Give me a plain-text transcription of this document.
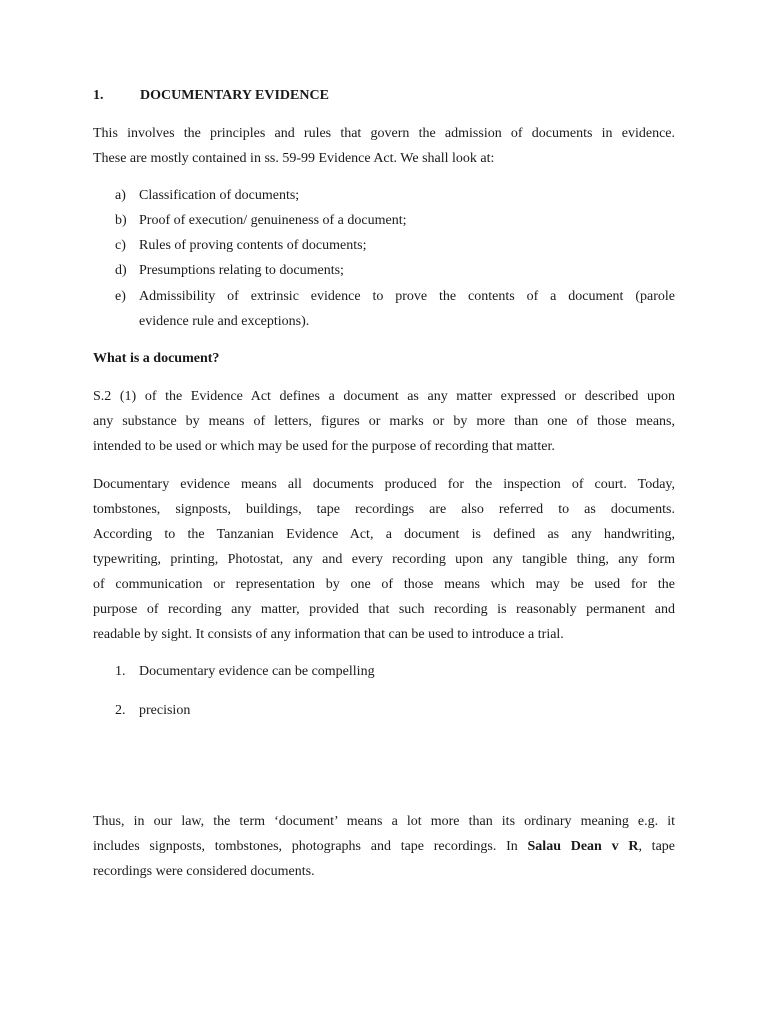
1.	DOCUMENTARY EVIDENCE
This involves the principles and rules that govern the admission of documents in evidence.
These are mostly contained in ss. 59-99 Evidence Act. We shall look at:
a) Classification of documents;
b) Proof of execution/ genuineness of a document;
c) Rules of proving contents of documents;
d) Presumptions relating to documents;
e) Admissibility of extrinsic evidence to prove the contents of a document (parole
evidence rule and exceptions).
What is a document?
S.2 (1) of the Evidence Act defines a document as any matter expressed or described upon
any substance by means of letters, figures or marks or by more than one of those means,
intended to be used or which may be used for the purpose of recording that matter.
Documentary evidence means all documents produced for the inspection of court. Today,
tombstones, signposts, buildings, tape recordings are also referred to as documents.
According to the Tanzanian Evidence Act, a document is defined as any handwriting,
typewriting, printing, Photostat, any and every recording upon any tangible thing, any form
of communication or representation by one of those means which may be used for the
purpose of recording any matter, provided that such recording is reasonably permanent and
readable by sight. It consists of any information that can be used to introduce a trial.
1. Documentary evidence can be compelling
2. precision
Thus, in our law, the term ‘document’ means a lot more than its ordinary meaning e.g. it
includes signposts, tombstones, photographs and tape recordings. In Salau Dean v R, tape
recordings were considered documents.
